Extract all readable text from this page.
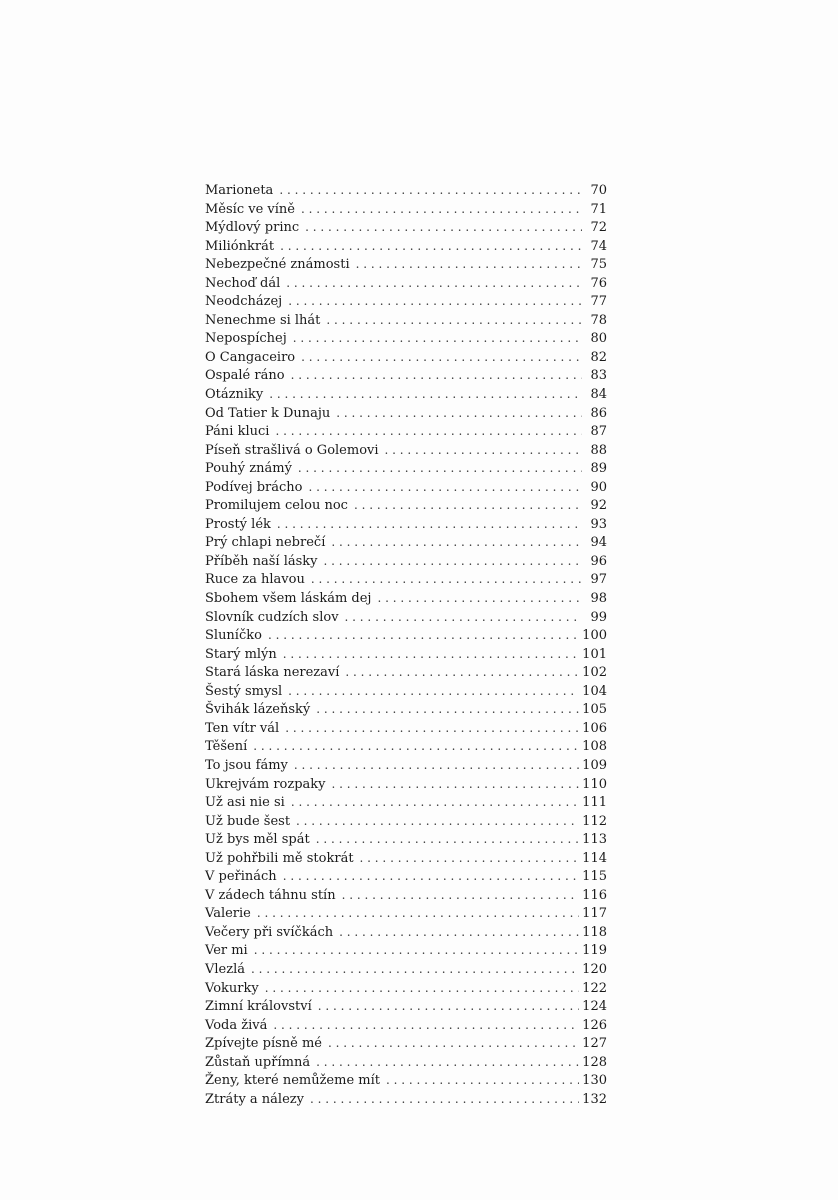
Marioneta . . .	70
Měsíc ve víně . . .	71
Mýdlový princ . . .	72
Miliónkrát . . .	74
Nebezpečné známosti . . .	75
Nechoď dál . . .	76
Neodcházej . . .	77
Nenechme si lhát . . .	78
Nepospíchej . . .	80
O Cangaceiro . . .	82
Ospalé ráno . . .	83
Otázniky . . .	84
Od Tatier k Dunaju . . .	86
Páni kluci . . .	87
Píseň strašlivá o Golemovi . . .	88
Pouhý známý . . .	89
Podívej brácho . . .	90
Promilujem celou noc . . .	92
Prostý lék . . .	93
Prý chlapi nebrečí . . .	94
Příběh naší lásky . . .	96
Ruce za hlavou . . .	97
Sbohem všem láskám dej . . .	98
Slovník cudzích slov . . .	99
Sluníčko . . .	100
Starý mlýn . . .	101
Stará láska nerezaví . . .	102
Šestý smysl . . .	104
Švihák lázeňský . . .	105
Ten vítr vál . . .	106
Těšení . . .	108
To jsou fámy . . .	109
Ukrejvám rozpaky . . .	110
Už asi nie si . . .	111
Už bude šest . . .	112
Už bys měl spát . . .	113
Už pohřbili mě stokrát . . .	114
V peřinách . . .	115
V zádech táhnu stín . . .	116
Valerie . . .	117
Večery při svíčkách . . .	118
Ver mi . . .	119
Vlezlá . . .	120
Vokurky . . .	122
Zimní království . . .	124
Voda živá . . .	126
Zpívejte písně mé . . .	127
Zůstaň upřímná . . .	128
Ženy, které nemůžeme mít . . .	130
Ztráty a nálezy . . .	132
